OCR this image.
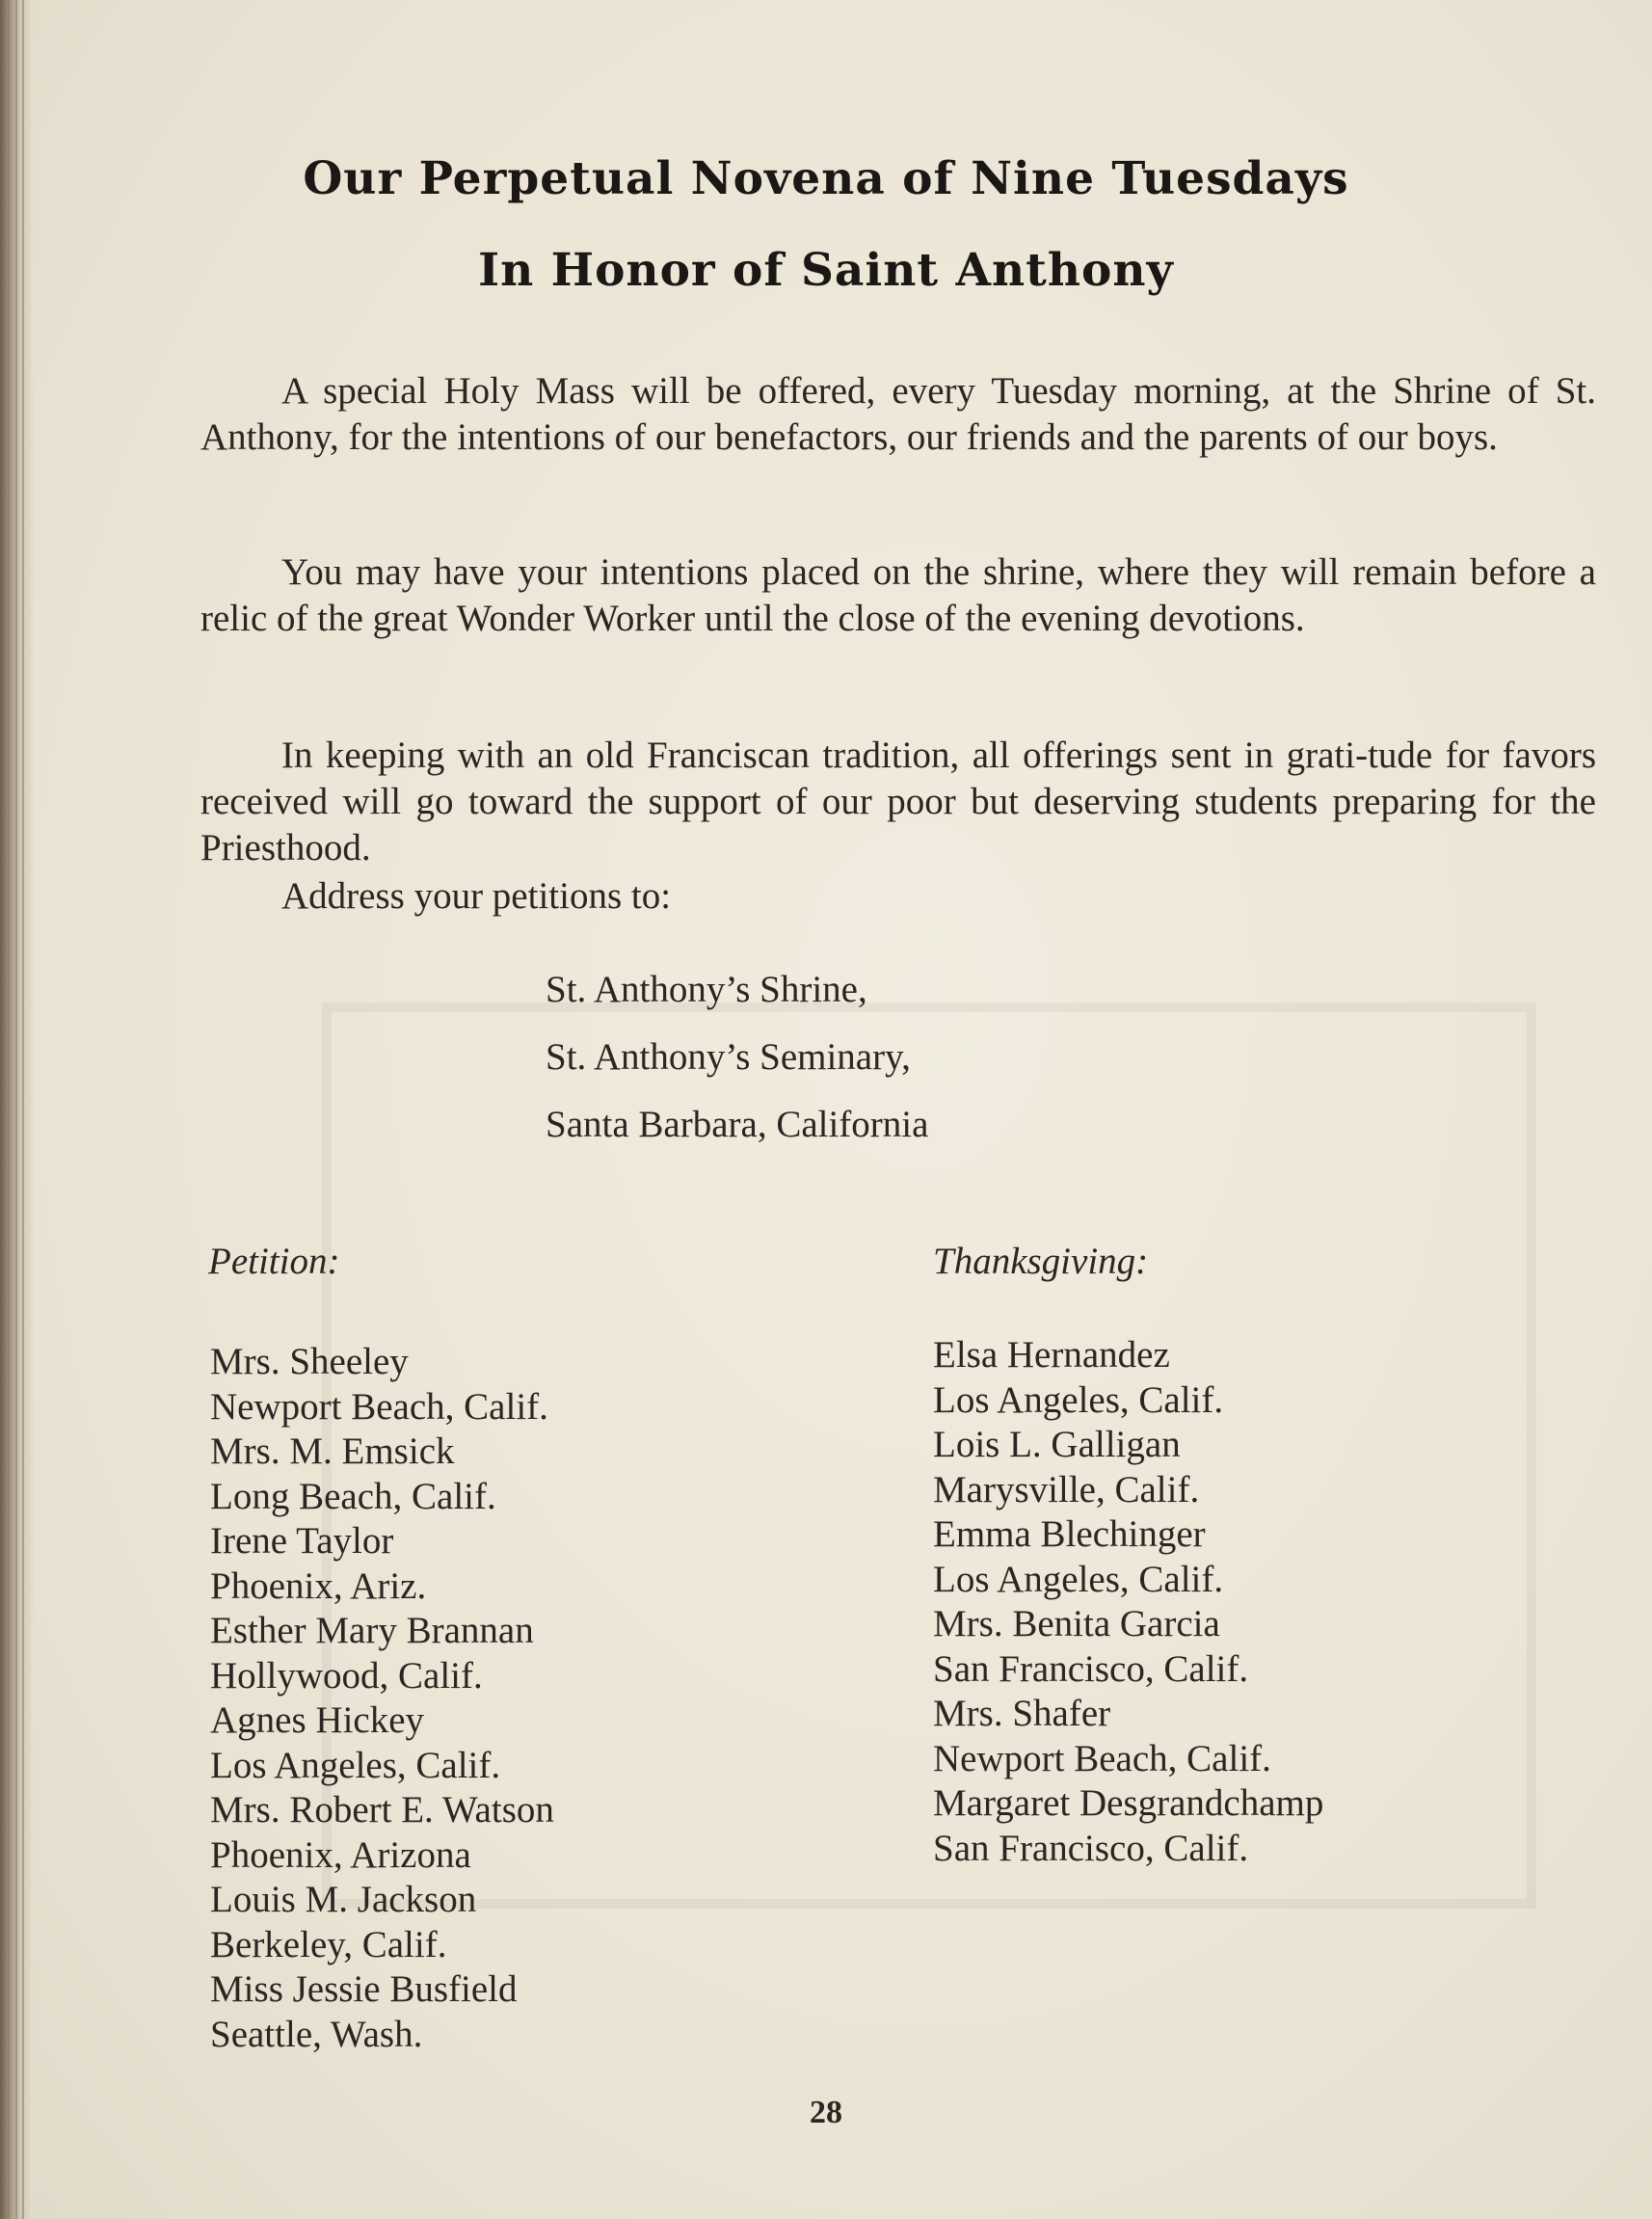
Our Perpetual Novena of Nine Tuesdays
In Honor of Saint Anthony

A special Holy Mass will be offered, every Tuesday morning, at the Shrine of St. Anthony, for the intentions of our benefactors, our friends and the parents of our boys.

You may have your intentions placed on the shrine, where they will remain before a relic of the great Wonder Worker until the close of the evening devotions.

In keeping with an old Franciscan tradition, all offerings sent in grati-tude for favors received will go toward the support of our poor but deserving students preparing for the Priesthood.

Address your petitions to:

St. Anthony’s Shrine,
St. Anthony’s Seminary,
Santa Barbara, California
Petition:	Thanksgiving:
Mrs. Sheeley
Newport Beach, Calif.
Mrs. M. Emsick
Long Beach, Calif.
Irene Taylor
Phoenix, Ariz.
Esther Mary Brannan
Hollywood, Calif.
Agnes Hickey
Los Angeles, Calif.
Mrs. Robert E. Watson
Phoenix, Arizona
Louis M. Jackson
Berkeley, Calif.
Miss Jessie Busfield
Seattle, Wash.
Elsa Hernandez
Los Angeles, Calif.
Lois L. Galligan
Marysville, Calif.
Emma Blechinger
Los Angeles, Calif.
Mrs. Benita Garcia
San Francisco, Calif.
Mrs. Shafer
Newport Beach, Calif.
Margaret Desgrandchamp
San Francisco, Calif.
28
